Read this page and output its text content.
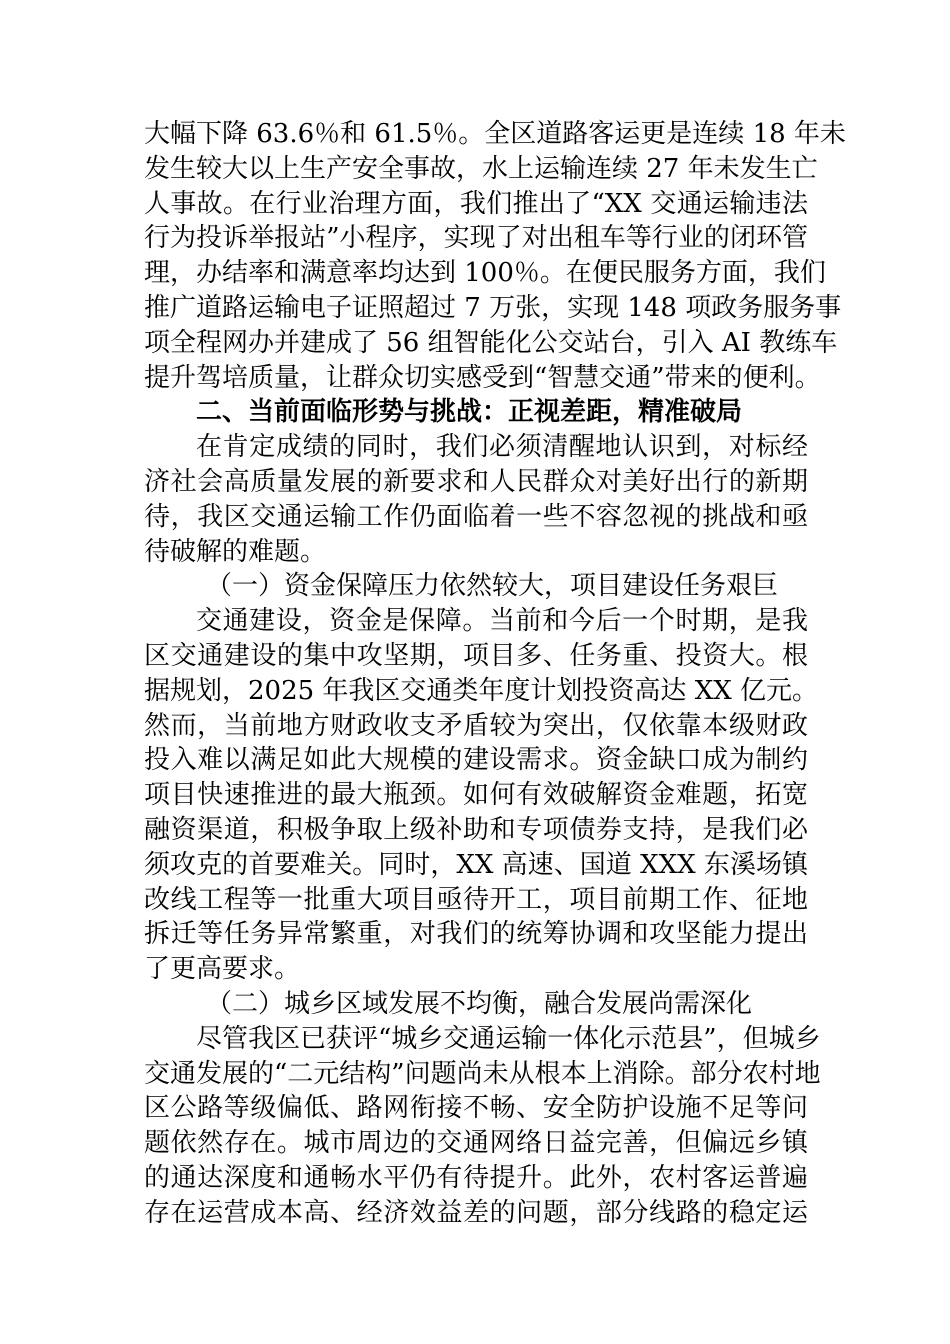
大幅下降 63.6％和 61.5％。全区道路客运更是连续 18 年未
发生较大以上生产安全事故，水上运输连续 27 年未发生亡
人事故。在行业治理方面，我们推出了“XX 交通运输违法
行为投诉举报站”小程序，实现了对出租车等行业的闭环管
理，办结率和满意率均达到 100％。在便民服务方面，我们
推广道路运输电子证照超过 7 万张，实现 148 项政务服务事
项全程网办并建成了 56 组智能化公交站台，引入 AI 教练车
提升驾培质量，让群众切实感受到“智慧交通”带来的便利。
二、当前面临形势与挑战：正视差距，精准破局
在肯定成绩的同时，我们必须清醒地认识到，对标经
济社会高质量发展的新要求和人民群众对美好出行的新期
待，我区交通运输工作仍面临着一些不容忽视的挑战和亟
待破解的难题。
（一）资金保障压力依然较大，项目建设任务艰巨
交通建设，资金是保障。当前和今后一个时期，是我
区交通建设的集中攻坚期，项目多、任务重、投资大。根
据规划，2025 年我区交通类年度计划投资高达 XX 亿元。
然而，当前地方财政收支矛盾较为突出，仅依靠本级财政
投入难以满足如此大规模的建设需求。资金缺口成为制约
项目快速推进的最大瓶颈。如何有效破解资金难题，拓宽
融资渠道，积极争取上级补助和专项债券支持，是我们必
须攻克的首要难关。同时，XX 高速、国道 XXX 东溪场镇
改线工程等一批重大项目亟待开工，项目前期工作、征地
拆迁等任务异常繁重，对我们的统筹协调和攻坚能力提出
了更高要求。
（二）城乡区域发展不均衡，融合发展尚需深化
尽管我区已获评“城乡交通运输一体化示范县”，但城乡
交通发展的“二元结构”问题尚未从根本上消除。部分农村地
区公路等级偏低、路网衔接不畅、安全防护设施不足等问
题依然存在。城市周边的交通网络日益完善，但偏远乡镇
的通达深度和通畅水平仍有待提升。此外，农村客运普遍
存在运营成本高、经济效益差的问题，部分线路的稳定运
